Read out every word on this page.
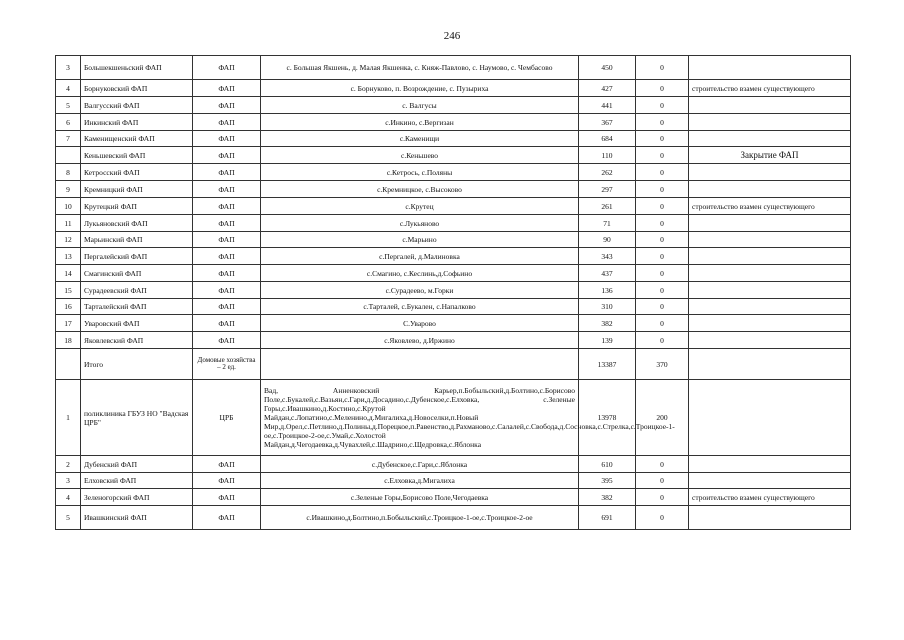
246
3	Большекшеньский ФАП	ФАП	с. Большая Якшень, д. Малая Якшенка, с. Княж-Павлово, с. Наумово, с. Чембасово	450	0	
4	Борнуковский ФАП	ФАП	с. Борнуково, п. Возрождение, с. Пузыриха	427	0	строительство взамен существующего
5	Валгусский ФАП	ФАП	с. Валгусы	441	0	
6	Инкинский ФАП	ФАП	с.Инкино, с.Вергизан	367	0	
7	Каменищенский ФАП	ФАП	с.Каменищи	684	0	
	Кеньшевский ФАП	ФАП	с.Кеньшево	110	0	Закрытие ФАП
8	Кетросский ФАП	ФАП	с.Кетрось, с.Поляны	262	0	
9	Кремницкий ФАП	ФАП	с.Кремницкое, с.Высоково	297	0	
10	Крутецкий ФАП	ФАП	с.Крутец	261	0	строительство взамен существующего
11	Лукьяновский ФАП	ФАП	с.Лукьяново	71	0	
12	Марьинский ФАП	ФАП	с.Марьино	90	0	
13	Пергалейский ФАП	ФАП	с.Пергалей, д.Малиновка	343	0	
14	Смагинский ФАП	ФАП	с.Смагино, с.Кеслинь,д.Софьино	437	0	
15	Сурадеевский ФАП	ФАП	с.Сурадеево, м.Горки	136	0	
16	Тарталейский ФАП	ФАП	с.Тарталей, с.Букален, с.Напалково	310	0	
17	Уваровский ФАП	ФАП	С.Уварово	382	0	
18	Яковлевский ФАП	ФАП	с.Яковлево, д.Иржино	139	0	
	Итого	Домовые хозяйства – 2 ед.		13387	370	
1	поликлиника ГБУЗ НО "Вадская ЦРБ"	ЦРБ	Вад, Анненковский Карьер,п.Бобыльский,д.Болтино,с.Борисово Поле,с.Букалей,с.Вазьян,с.Гари,д.Досадино,с.Дубенское,с.Елховка, с.Зеленые Горы,с.Ивашкино,д.Костино,с.Крутой Майдан,с.Лопатино,с.Меленино,д.Мигалиха,д.Новоселки,п.Новый Мир,д.Орел,с.Петлино,д.Полины,д.Порецкое,п.Равенство,д.Рахманово,с.Салалей,с.Свобода,д.Сосновка,с.Стрелка,с.Троицкое-1-ое,с.Троицкое-2-ое,с.Умай,с.Холостой Майдан,д.Чегодаевка,д.Чувахлей,с.Шадрино,с.Щедровка,с.Яблонка	13978	200	
2	Дубенский ФАП	ФАП	с.Дубенское,с.Гари,с.Яблонка	610	0	
3	Елховский ФАП	ФАП	с.Елховка,д.Мигалиха	395	0	
4	Зеленогорский ФАП	ФАП	с.Зеленые Горы,Борисово Поле,Чегодаевка	382	0	строительство взамен существующего
5	Ивашкинский ФАП	ФАП	с.Ивашкино,д.Болтино,п.Бобыльский,с.Троицкое-1-ое,с.Троицкое-2-ое	691	0	
